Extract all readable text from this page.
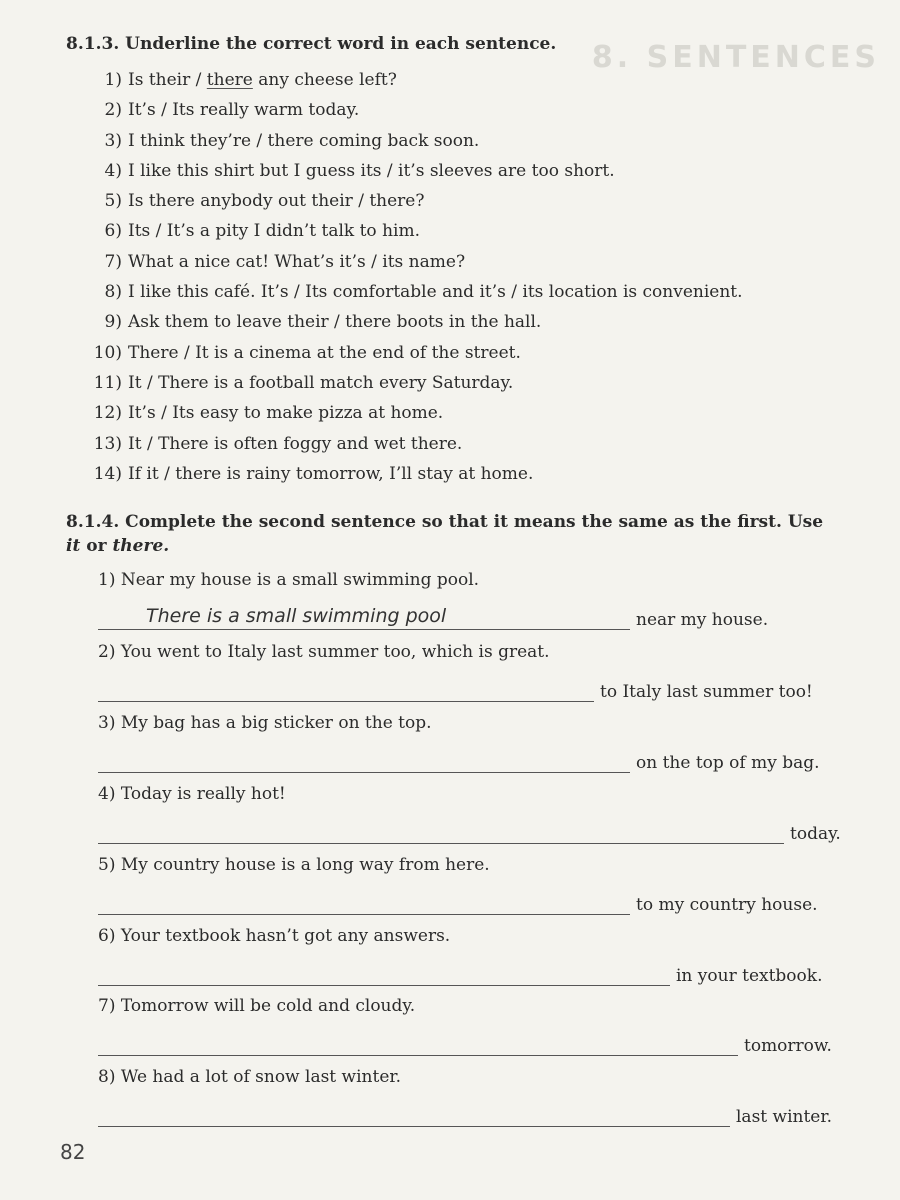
8. SENTENCES
8.1.3. Underline the correct word in each sentence.
1) Is their / there any cheese left?
2) It’s / Its really warm today.
3) I think they’re / there coming back soon.
4) I like this shirt but I guess its / it’s sleeves are too short.
5) Is there anybody out their / there?
6) Its / It’s a pity I didn’t talk to him.
7) What a nice cat! What’s it’s / its name?
8) I like this café. It’s / Its comfortable and it’s / its location is convenient.
9) Ask them to leave their / there boots in the hall.
10) There / It is a cinema at the end of the street.
11) It / There is a football match every Saturday.
12) It’s / Its easy to make pizza at home.
13) It / There is often foggy and wet there.
14) If it / there is rainy tomorrow, I’ll stay at home.
8.1.4. Complete the second sentence so that it means the same as the first. Use
it or there.
1) Near my house is a small swimming pool.
There is a small swimming pool	near my house.
2) You went to Italy last summer too, which is great.
to Italy last summer too!
3) My bag has a big sticker on the top.
on the top of my bag.
4) Today is really hot!
today.
5) My country house is a long way from here.
to my country house.
6) Your textbook hasn’t got any answers.
in your textbook.
7) Tomorrow will be cold and cloudy.
tomorrow.
8) We had a lot of snow last winter.
last winter.
82
